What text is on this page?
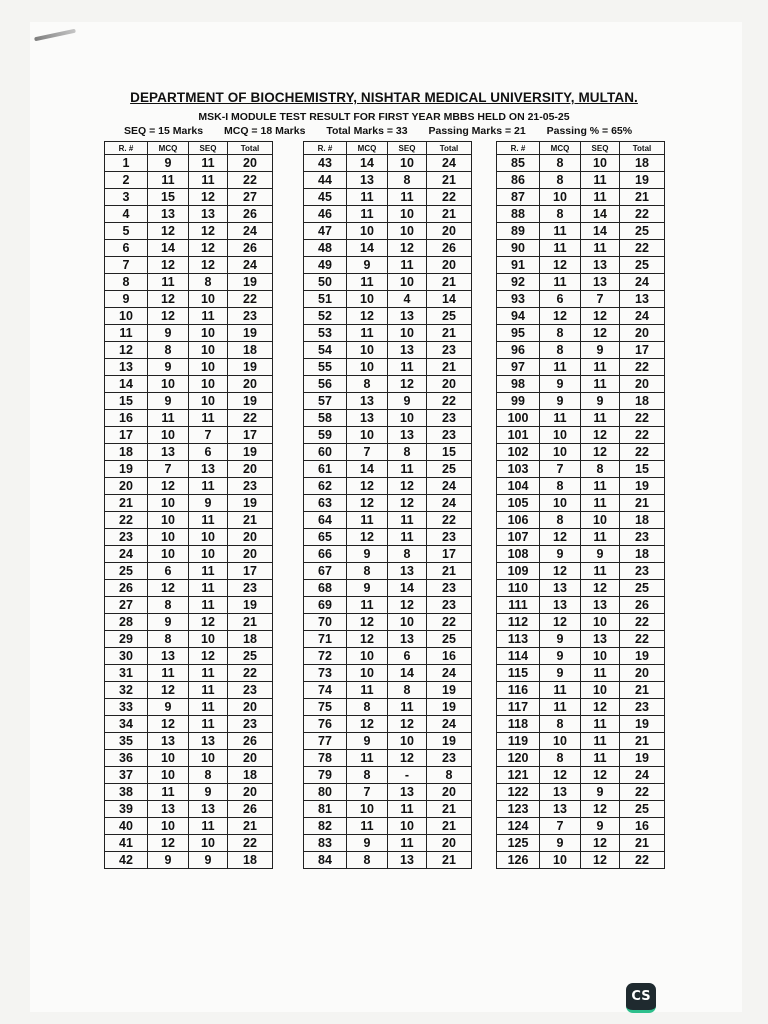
DEPARTMENT OF BIOCHEMISTRY, NISHTAR MEDICAL UNIVERSITY, MULTAN.
MSK-I MODULE TEST RESULT FOR FIRST YEAR MBBS HELD ON 21-05-25
SEQ = 15 Marks MCQ = 18 Marks Total Marks = 33 Passing Marks = 21 Passing % = 65%
R. #	MCQ	SEQ	Total
1	9	11	20
2	11	11	22
3	15	12	27
4	13	13	26
5	12	12	24
6	14	12	26
7	12	12	24
8	11	8	19
9	12	10	22
10	12	11	23
11	9	10	19
12	8	10	18
13	9	10	19
14	10	10	20
15	9	10	19
16	11	11	22
17	10	7	17
18	13	6	19
19	7	13	20
20	12	11	23
21	10	9	19
22	10	11	21
23	10	10	20
24	10	10	20
25	6	11	17
26	12	11	23
27	8	11	19
28	9	12	21
29	8	10	18
30	13	12	25
31	11	11	22
32	12	11	23
33	9	11	20
34	12	11	23
35	13	13	26
36	10	10	20
37	10	8	18
38	11	9	20
39	13	13	26
40	10	11	21
41	12	10	22
42	9	9	18
R. #	MCQ	SEQ	Total
43	14	10	24
44	13	8	21
45	11	11	22
46	11	10	21
47	10	10	20
48	14	12	26
49	9	11	20
50	11	10	21
51	10	4	14
52	12	13	25
53	11	10	21
54	10	13	23
55	10	11	21
56	8	12	20
57	13	9	22
58	13	10	23
59	10	13	23
60	7	8	15
61	14	11	25
62	12	12	24
63	12	12	24
64	11	11	22
65	12	11	23
66	9	8	17
67	8	13	21
68	9	14	23
69	11	12	23
70	12	10	22
71	12	13	25
72	10	6	16
73	10	14	24
74	11	8	19
75	8	11	19
76	12	12	24
77	9	10	19
78	11	12	23
79	8	-	8
80	7	13	20
81	10	11	21
82	11	10	21
83	9	11	20
84	8	13	21
R. #	MCQ	SEQ	Total
85	8	10	18
86	8	11	19
87	10	11	21
88	8	14	22
89	11	14	25
90	11	11	22
91	12	13	25
92	11	13	24
93	6	7	13
94	12	12	24
95	8	12	20
96	8	9	17
97	11	11	22
98	9	11	20
99	9	9	18
100	11	11	22
101	10	12	22
102	10	12	22
103	7	8	15
104	8	11	19
105	10	11	21
106	8	10	18
107	12	11	23
108	9	9	18
109	12	11	23
110	13	12	25
111	13	13	26
112	12	10	22
113	9	13	22
114	9	10	19
115	9	11	20
116	11	10	21
117	11	12	23
118	8	11	19
119	10	11	21
120	8	11	19
121	12	12	24
122	13	9	22
123	13	12	25
124	7	9	16
125	9	12	21
126	10	12	22
CS
